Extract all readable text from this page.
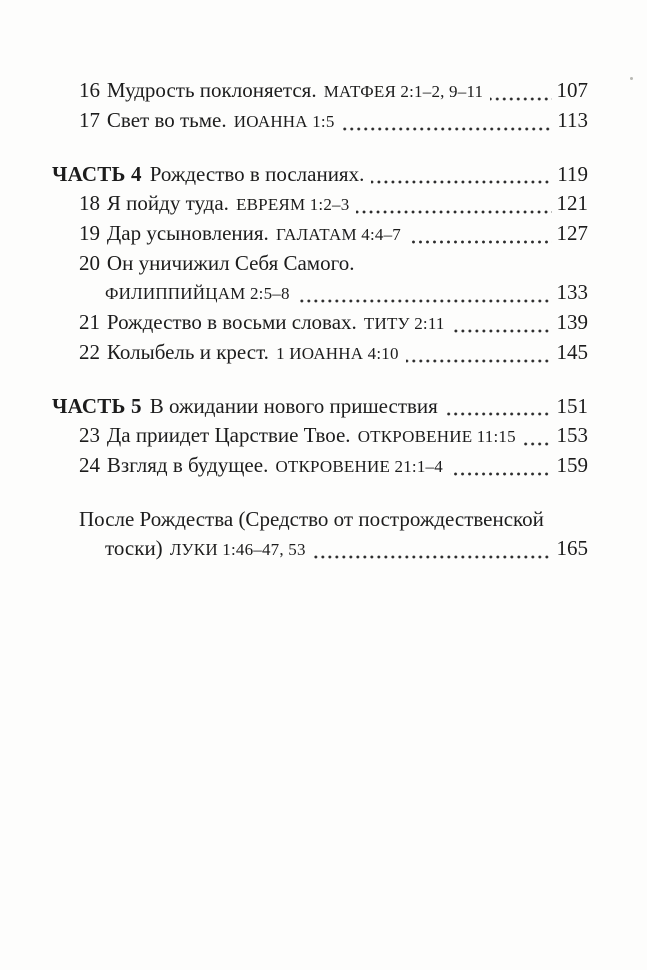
16 Мудрость поклоняется. МАТФЕЯ 2:1–2, 9–11	107
17 Свет во тьме. ИОАННА 1:5	113
ЧАСТЬ 4 Рождество в посланиях.	119
18 Я пойду туда. ЕВРЕЯМ 1:2–3	121
19 Дар усыновления. ГАЛАТАМ 4:4–7	127
20 Он уничижил Себя Самого.
ФИЛИППИЙЦАМ 2:5–8	133
21 Рождество в восьми словах. ТИТУ 2:11	139
22 Колыбель и крест. 1 ИОАННА 4:10	145
ЧАСТЬ 5 В ожидании нового пришествия	151
23 Да приидет Царствие Твое. ОТКРОВЕНИЕ 11:15 153
24 Взгляд в будущее. ОТКРОВЕНИЕ 21:1–4	159
После Рождества (Средство от построждественской
тоски) ЛУКИ 1:46–47, 53	165
